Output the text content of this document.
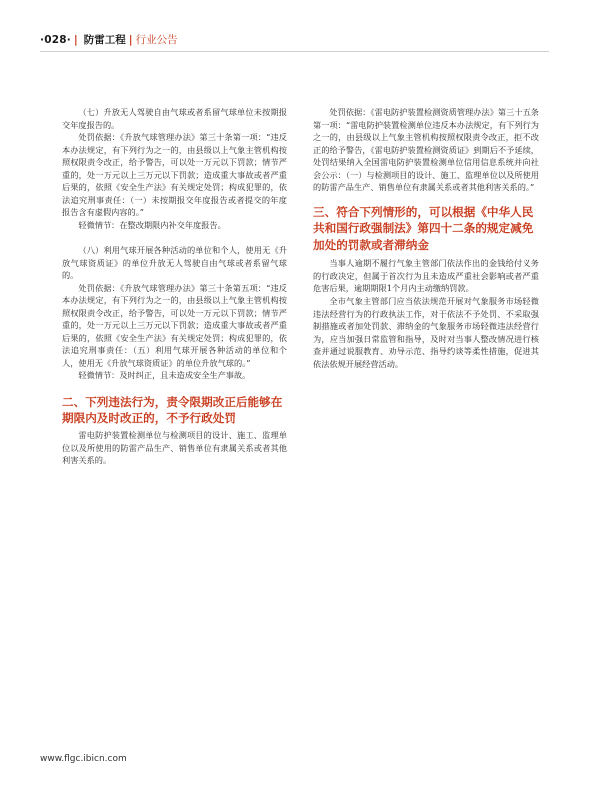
·028· | 防雷工程 | 行业公告

（七）升放无人驾驶自由气球或者系留气球单位未按期报交年度报告的。

处罚依据：《升放气球管理办法》第三十条第一项：“违反本办法规定，有下列行为之一的，由县级以上气象主管机构按照权限责令改正，给予警告，可以处一万元以下罚款；情节严重的，处一万元以上三万元以下罚款；造成重大事故或者严重后果的，依照《安全生产法》有关规定处罚；构成犯罪的，依法追究刑事责任：（一）未按期报交年度报告或者提交的年度报告含有虚假内容的。”

轻微情节：在整改期限内补交年度报告。

（八）利用气球开展各种活动的单位和个人，使用无《升放气球资质证》的单位升放无人驾驶自由气球或者系留气球的。

处罚依据：《升放气球管理办法》第三十条第五项：“违反本办法规定，有下列行为之一的，由县级以上气象主管机构按照权限责令改正，给予警告，可以处一万元以下罚款；情节严重的，处一万元以上三万元以下罚款；造成重大事故或者严重后果的，依照《安全生产法》有关规定处罚；构成犯罪的，依法追究刑事责任：（五）利用气球开展各种活动的单位和个人，使用无《升放气球资质证》的单位升放气球的。”

轻微情节：及时纠正，且未造成安全生产事故。

二、下列违法行为，责令限期改正后能够在期限内及时改正的，不予行政处罚

雷电防护装置检测单位与检测项目的设计、施工、监理单位以及所使用的防雷产品生产、销售单位有隶属关系或者其他利害关系的。

处罚依据：《雷电防护装置检测资质管理办法》第三十五条第一项：“雷电防护装置检测单位违反本办法规定，有下列行为之一的，由县级以上气象主管机构按照权限责令改正，拒不改正的给予警告，《雷电防护装置检测资质证》到期后不予延续，处罚结果纳入全国雷电防护装置检测单位信用信息系统并向社会公示：（一）与检测项目的设计、施工、监理单位以及所使用的防雷产品生产、销售单位有隶属关系或者其他利害关系的。”

三、符合下列情形的，可以根据《中华人民共和国行政强制法》第四十二条的规定减免加处的罚款或者滞纳金

当事人逾期不履行气象主管部门依法作出的金钱给付义务的行政决定，但属于首次行为且未造成严重社会影响或者严重危害后果，逾期期限1个月内主动缴纳罚款。

全市气象主管部门应当依法规范开展对气象服务市场轻微违法经营行为的行政执法工作，对于依法不予处罚、不采取强制措施或者加处罚款、滞纳金的气象服务市场轻微违法经营行为，应当加强日常监管和指导，及时对当事人整改情况进行核查并通过说服教育、劝导示范、指导约谈等柔性措施，促进其依法依规开展经营活动。

www.flgc.ibicn.com
